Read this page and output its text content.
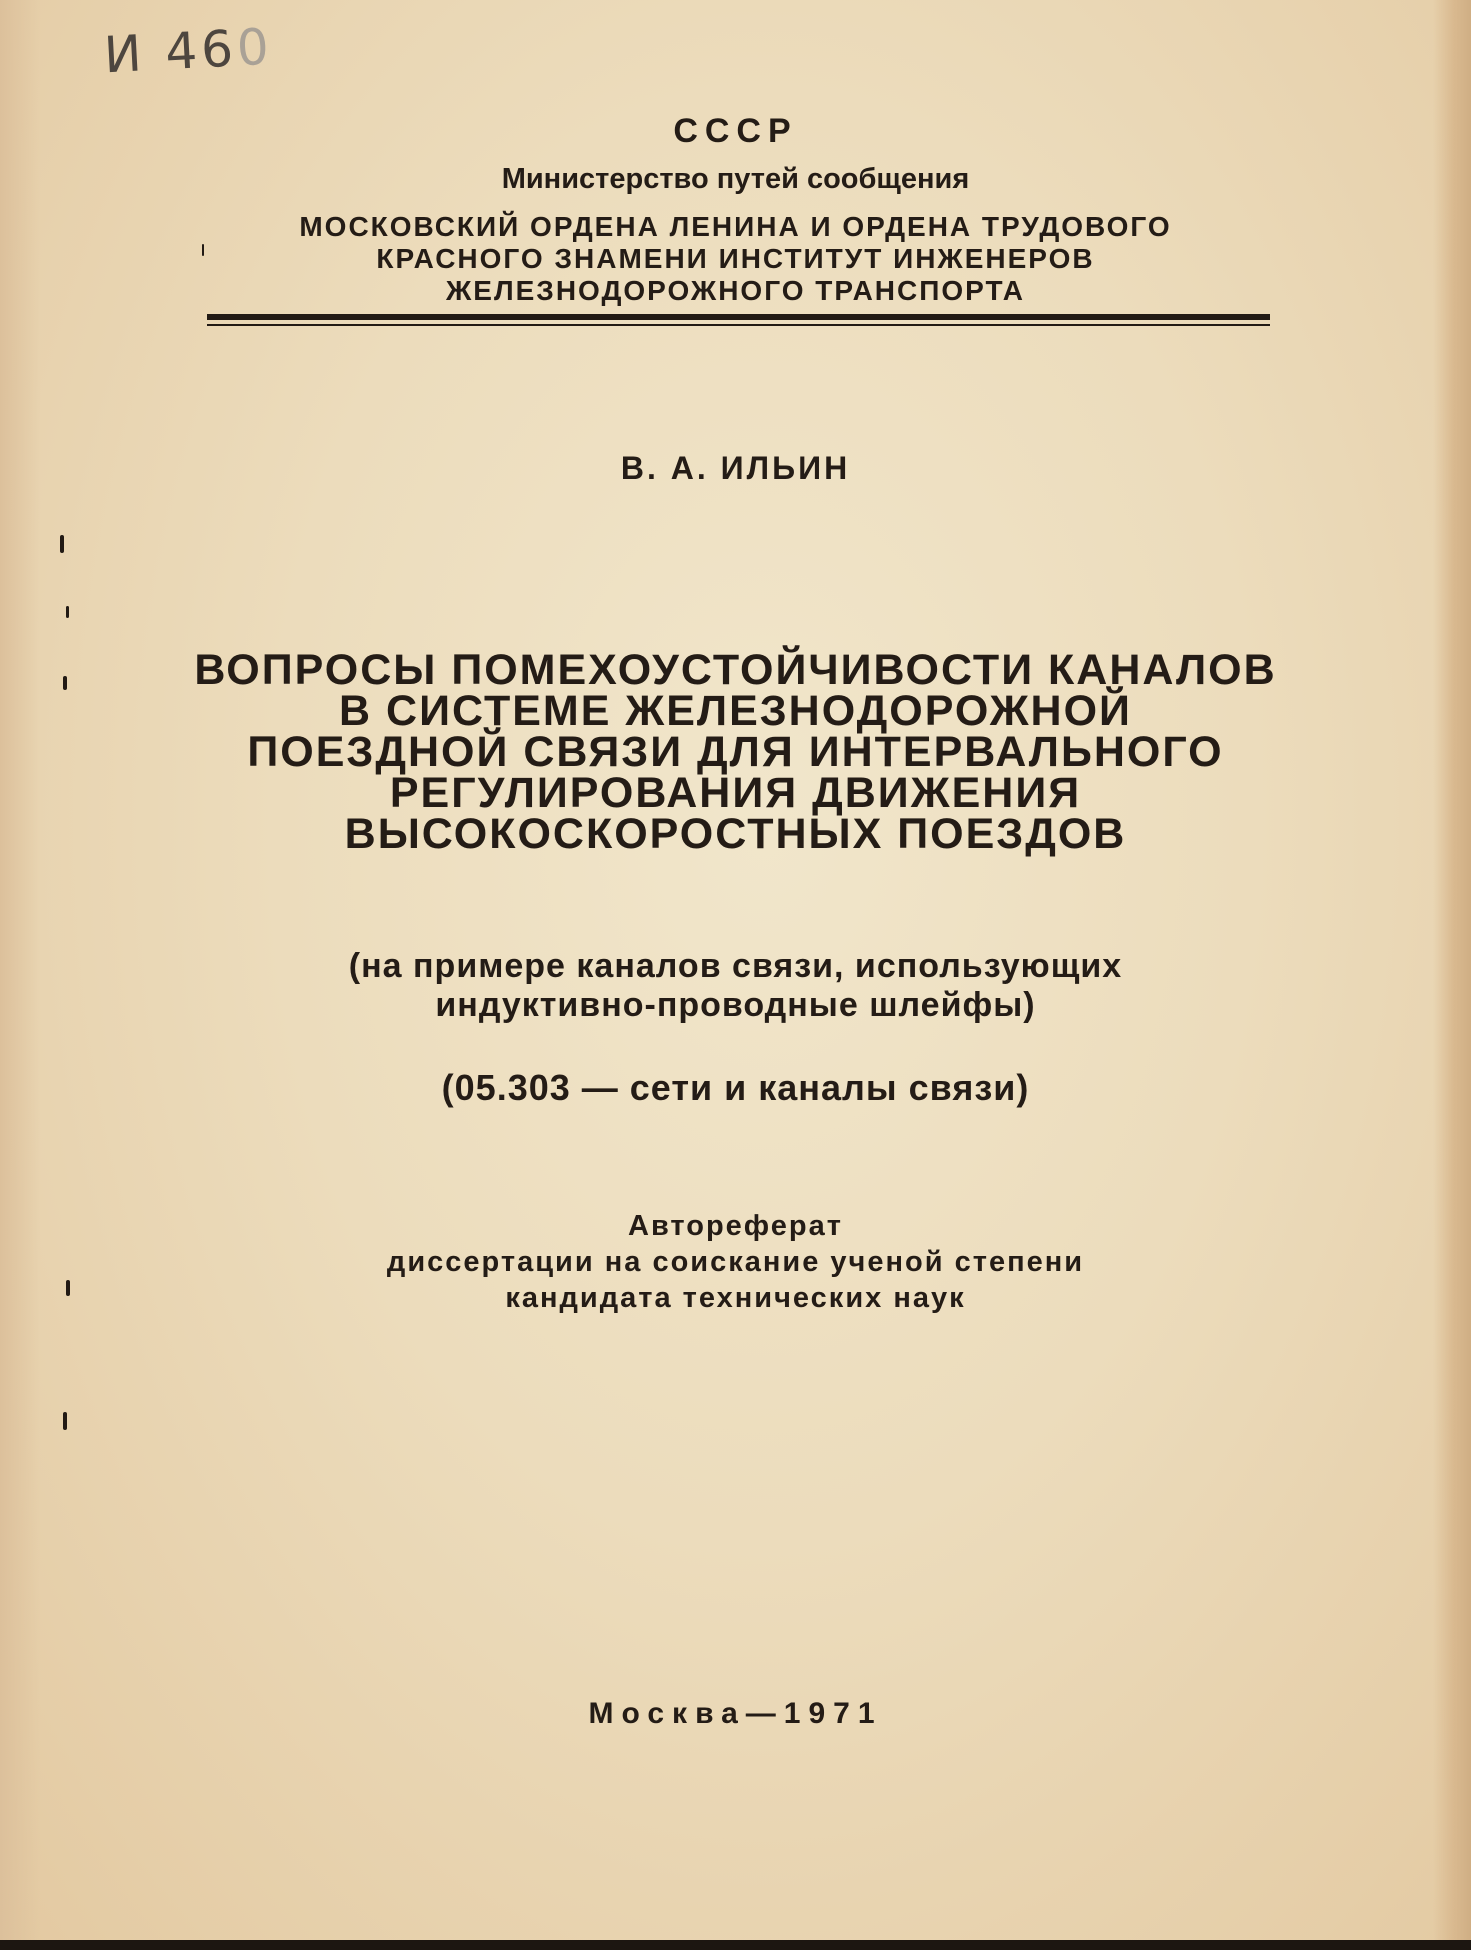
И 460
СССР
Министерство путей сообщения
МОСКОВСКИЙ ОРДЕНА ЛЕНИНА И ОРДЕНА ТРУДОВОГО
КРАСНОГО ЗНАМЕНИ ИНСТИТУТ ИНЖЕНЕРОВ
ЖЕЛЕЗНОДОРОЖНОГО ТРАНСПОРТА
В. А. ИЛЬИН
ВОПРОСЫ ПОМЕХОУСТОЙЧИВОСТИ КАНАЛОВ
В СИСТЕМЕ ЖЕЛЕЗНОДОРОЖНОЙ
ПОЕЗДНОЙ СВЯЗИ ДЛЯ ИНТЕРВАЛЬНОГО
РЕГУЛИРОВАНИЯ ДВИЖЕНИЯ
ВЫСОКОСКОРОСТНЫХ ПОЕЗДОВ
(на примере каналов связи, использующих
индуктивно-проводные шлейфы)
(05.303 — сети и каналы связи)
Автореферат
диссертации на соискание ученой степени
кандидата технических наук
Москва—1971
